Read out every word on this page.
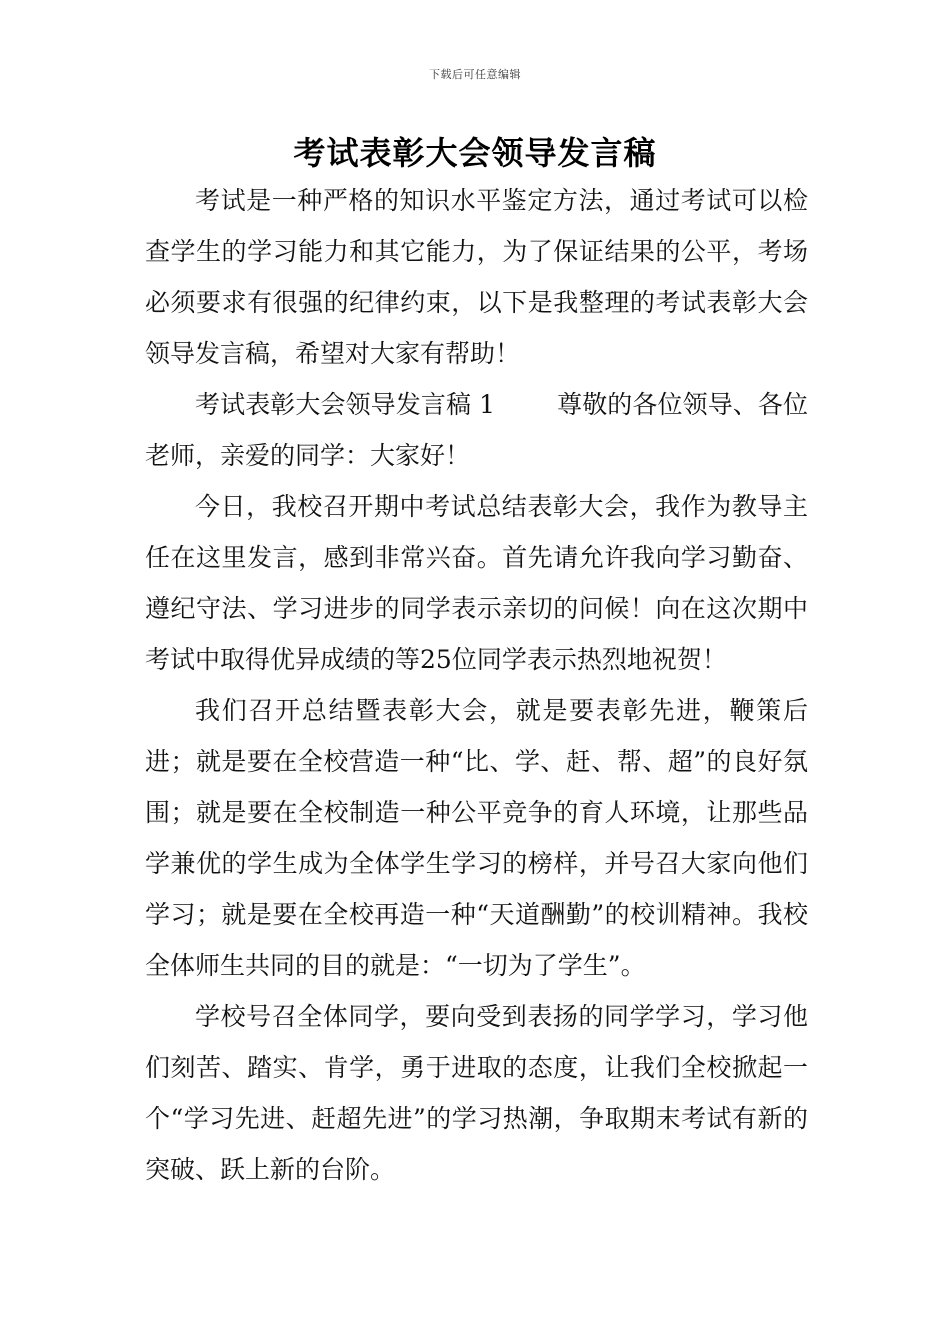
下载后可任意编辑
考试表彰大会领导发言稿

考试是一种严格的知识水平鉴定方法，通过考试可以检查学生的学习能力和其它能力，为了保证结果的公平，考场必须要求有很强的纪律约束，以下是我整理的考试表彰大会领导发言稿，希望对大家有帮助！

考试表彰大会领导发言稿 1 尊敬的各位领导、各位老师，亲爱的同学：大家好！

今日，我校召开期中考试总结表彰大会，我作为教导主任在这里发言，感到非常兴奋。首先请允许我向学习勤奋、遵纪守法、学习进步的同学表示亲切的问候！向在这次期中考试中取得优异成绩的等25位同学表示热烈地祝贺！

我们召开总结暨表彰大会，就是要表彰先进，鞭策后进；就是要在全校营造一种“比、学、赶、帮、超”的良好氛围；就是要在全校制造一种公平竞争的育人环境，让那些品学兼优的学生成为全体学生学习的榜样，并号召大家向他们学习；就是要在全校再造一种“天道酬勤”的校训精神。我校全体师生共同的目的就是：“一切为了学生”。

学校号召全体同学，要向受到表扬的同学学习，学习他们刻苦、踏实、肯学，勇于进取的态度，让我们全校掀起一个“学习先进、赶超先进”的学习热潮，争取期末考试有新的突破、跃上新的台阶。
